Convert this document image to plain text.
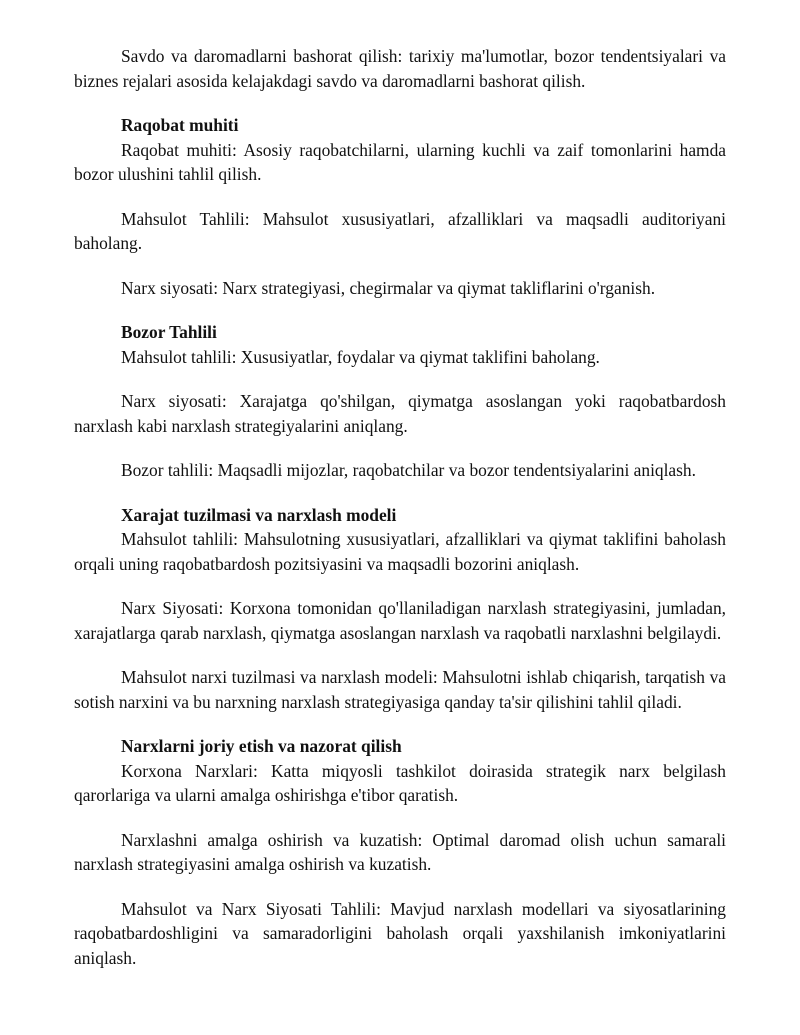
Savdo va daromadlarni bashorat qilish: tarixiy ma'lumotlar, bozor tendentsiyalari va biznes rejalari asosida kelajakdagi savdo va daromadlarni bashorat qilish.

Raqobat muhiti

Raqobat muhiti: Asosiy raqobatchilarni, ularning kuchli va zaif tomonlarini hamda bozor ulushini tahlil qilish.

Mahsulot Tahlili: Mahsulot xususiyatlari, afzalliklari va maqsadli auditoriyani baholang.

Narx siyosati: Narx strategiyasi, chegirmalar va qiymat takliflarini o'rganish.

Bozor Tahlili

Mahsulot tahlili: Xususiyatlar, foydalar va qiymat taklifini baholang.

Narx siyosati: Xarajatga qo'shilgan, qiymatga asoslangan yoki raqobatbardosh narxlash kabi narxlash strategiyalarini aniqlang.

Bozor tahlili: Maqsadli mijozlar, raqobatchilar va bozor tendentsiyalarini aniqlash.

Xarajat tuzilmasi va narxlash modeli

Mahsulot tahlili: Mahsulotning xususiyatlari, afzalliklari va qiymat taklifini baholash orqali uning raqobatbardosh pozitsiyasini va maqsadli bozorini aniqlash.

Narx Siyosati: Korxona tomonidan qo'llaniladigan narxlash strategiyasini, jumladan, xarajatlarga qarab narxlash, qiymatga asoslangan narxlash va raqobatli narxlashni belgilaydi.

Mahsulot narxi tuzilmasi va narxlash modeli: Mahsulotni ishlab chiqarish, tarqatish va sotish narxini va bu narxning narxlash strategiyasiga qanday ta'sir qilishini tahlil qiladi.

Narxlarni joriy etish va nazorat qilish

Korxona Narxlari: Katta miqyosli tashkilot doirasida strategik narx belgilash qarorlariga va ularni amalga oshirishga e'tibor qaratish.

Narxlashni amalga oshirish va kuzatish: Optimal daromad olish uchun samarali narxlash strategiyasini amalga oshirish va kuzatish.

Mahsulot va Narx Siyosati Tahlili: Mavjud narxlash modellari va siyosatlarining raqobatbardoshligini va samaradorligini baholash orqali yaxshilanish imkoniyatlarini aniqlash.
